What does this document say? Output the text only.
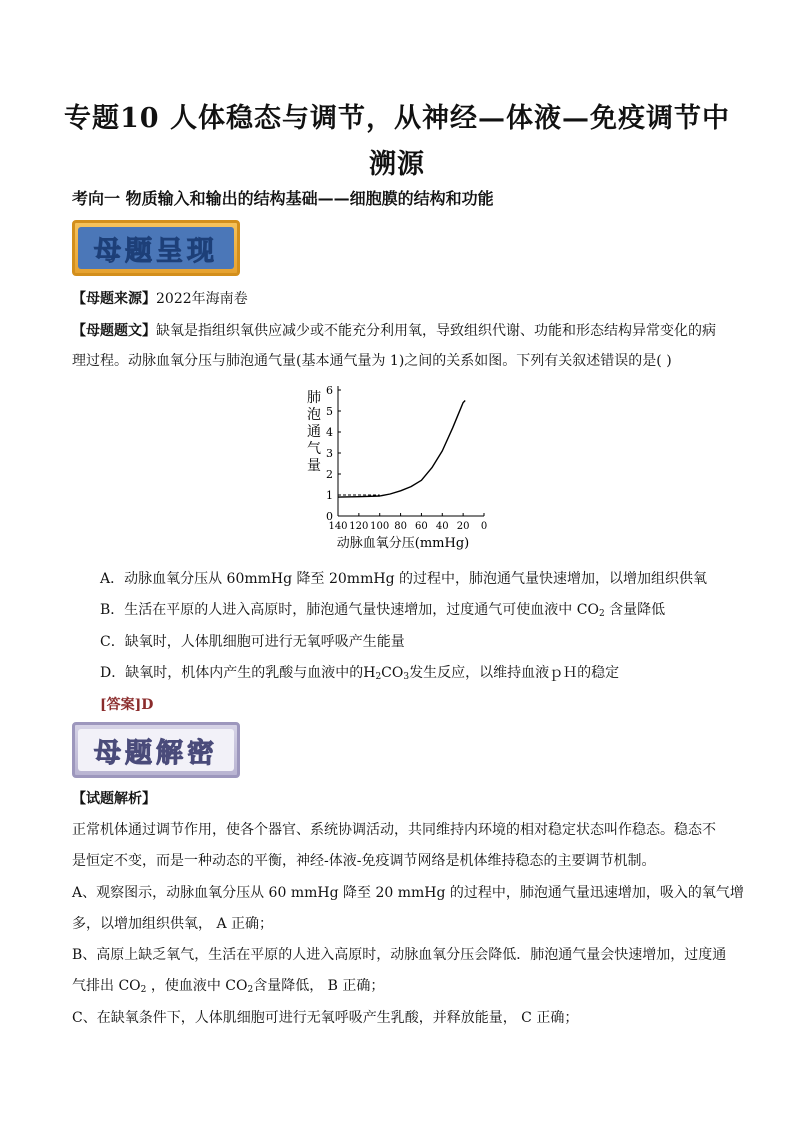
专题10 人体稳态与调节，从神经—体液—免疫调节中
溯源
考向一 物质输入和输出的结构基础——细胞膜的结构和功能
母题呈现
【母题来源】2022年海南卷
【母题题文】缺氧是指组织氧供应减少或不能充分利用氧，导致组织代谢、功能和形态结构异常变化的病
理过程。动脉血氧分压与肺泡通气量(基本通气量为 1)之间的关系如图。下列有关叙述错误的是( )
0
1
2
3
4
5
6
140 120 100 80 60 40 20 0
肺泡通气量
动脉血氧分压(mmHg)
A．动脉血氧分压从 60mmHg 降至 20mmHg 的过程中，肺泡通气量快速增加，以增加组织供氧
B．生活在平原的人进入高原时，肺泡通气量快速增加，过度通气可使血液中 $CO_2$ 含量降低
C．缺氧时，人体肌细胞可进行无氧呼吸产生能量
D．缺氧时，机体内产生的乳酸与血液中的$H_2CO_3$发生反应，以维持血液ｐＨ的稳定
[答案]D
母题解密
【试题解析】
正常机体通过调节作用，使各个器官、系统协调活动，共同维持内环境的相对稳定状态叫作稳态。稳态不
是恒定不变，而是一种动态的平衡，神经-体液-免疫调节网络是机体维持稳态的主要调节机制。
A、观察图示，动脉血氧分压从 60 mmHg 降至 20 mmHg 的过程中，肺泡通气量迅速增加，吸入的氧气增
多，以增加组织供氧， A 正确；
B、高原上缺乏氧气，生活在平原的人进入高原时，动脉血氧分压会降低．肺泡通气量会快速增加，过度通
气排出 $CO_2$ ，使血液中 $CO_2$含量降低， B 正确；
C、在缺氧条件下，人体肌细胞可进行无氧呼吸产生乳酸，并释放能量， C 正确；
